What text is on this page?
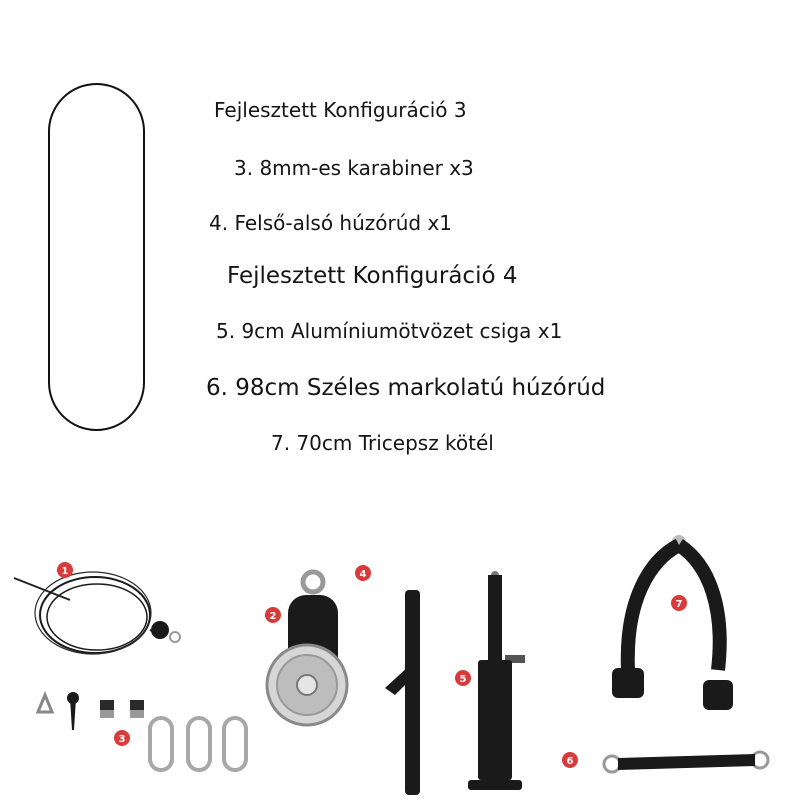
Fejlesztett Konfiguráció 3
3. 8mm-es karabiner x3
4. Felső-alsó húzórúd x1
Fejlesztett Konfiguráció 4
5. 9cm Alumíniumötvözet csiga x1
6. 98cm Széles markolatú húzórúd
7. 70cm Tricepsz kötél
1
2
3
4
5
6
7
